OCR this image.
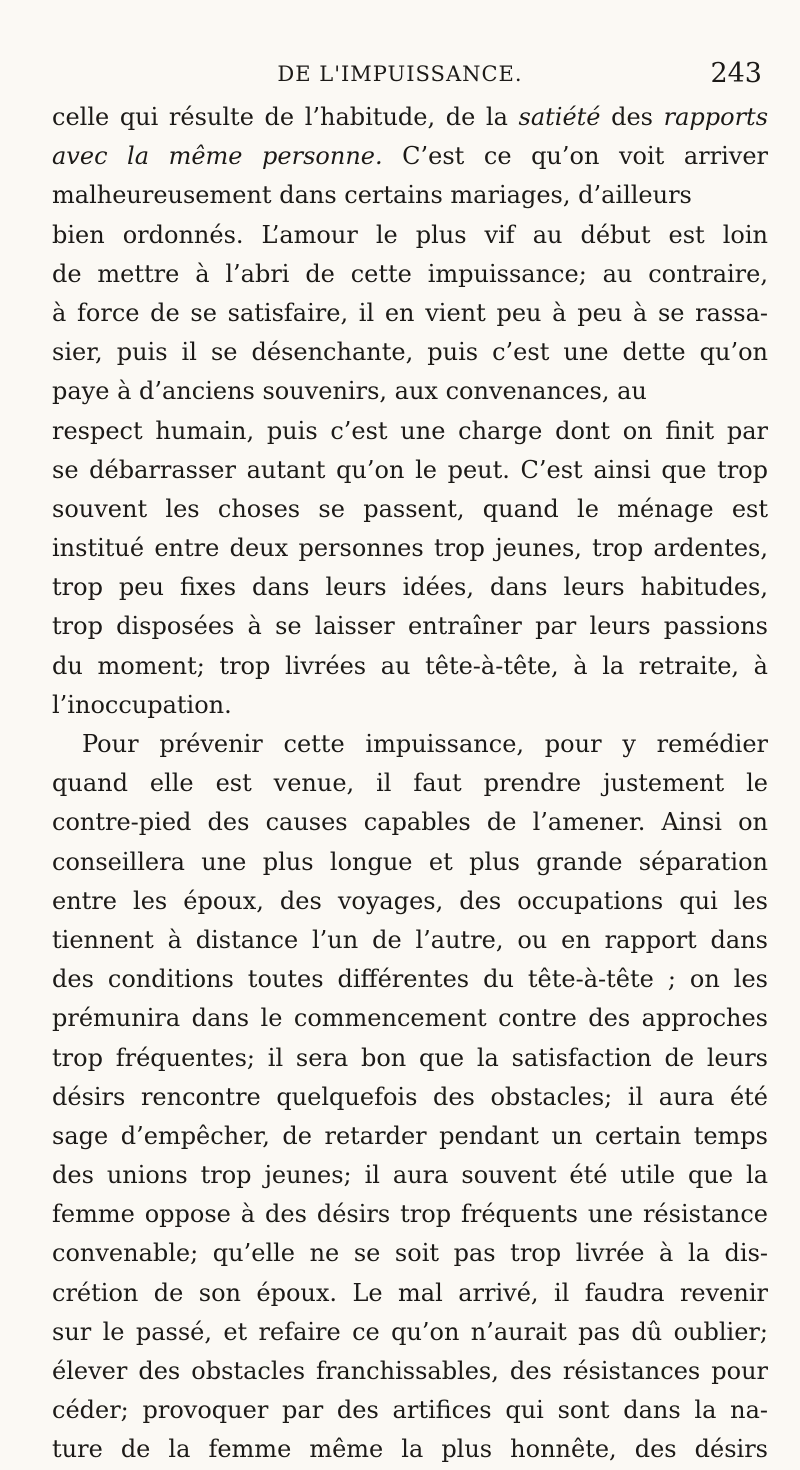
DE L'IMPUISSANCE.	243
celle qui résulte de l’habitude, de la satiété des rapports
avec la même personne. C’est ce qu’on voit arriver
malheureusement dans certains mariages, d’ailleurs
bien ordonnés. L’amour le plus vif au début est loin
de mettre à l’abri de cette impuissance; au contraire,
à force de se satisfaire, il en vient peu à peu à se rassa-
sier, puis il se désenchante, puis c’est une dette qu’on
paye à d’anciens souvenirs, aux convenances, au
respect humain, puis c’est une charge dont on finit par
se débarrasser autant qu’on le peut. C’est ainsi que trop
souvent les choses se passent, quand le ménage est
institué entre deux personnes trop jeunes, trop ardentes,
trop peu fixes dans leurs idées, dans leurs habitudes,
trop disposées à se laisser entraîner par leurs passions
du moment; trop livrées au tête-à-tête, à la retraite, à
l’inoccupation.
Pour prévenir cette impuissance, pour y remédier
quand elle est venue, il faut prendre justement le
contre-pied des causes capables de l’amener. Ainsi on
conseillera une plus longue et plus grande séparation
entre les époux, des voyages, des occupations qui les
tiennent à distance l’un de l’autre, ou en rapport dans
des conditions toutes différentes du tête-à-tête ; on les
prémunira dans le commencement contre des approches
trop fréquentes; il sera bon que la satisfaction de leurs
désirs rencontre quelquefois des obstacles; il aura été
sage d’empêcher, de retarder pendant un certain temps
des unions trop jeunes; il aura souvent été utile que la
femme oppose à des désirs trop fréquents une résistance
convenable; qu’elle ne se soit pas trop livrée à la dis-
crétion de son époux. Le mal arrivé, il faudra revenir
sur le passé, et refaire ce qu’on n’aurait pas dû oublier;
élever des obstacles franchissables, des résistances pour
céder; provoquer par des artifices qui sont dans la na-
ture de la femme même la plus honnête, des désirs
